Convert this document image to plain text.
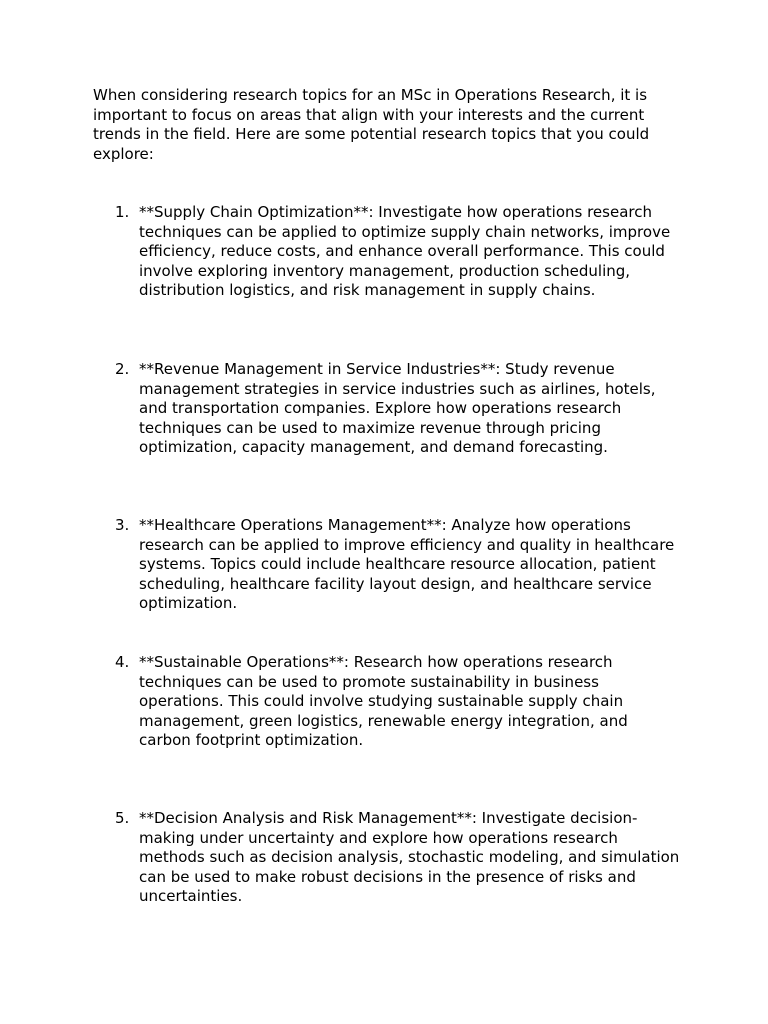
When considering research topics for an MSc in Operations Research, it is important to focus on areas that align with your interests and the current trends in the field. Here are some potential research topics that you could explore:

1. **Supply Chain Optimization**: Investigate how operations research techniques can be applied to optimize supply chain networks, improve efficiency, reduce costs, and enhance overall performance. This could involve exploring inventory management, production scheduling, distribution logistics, and risk management in supply chains.

2. **Revenue Management in Service Industries**: Study revenue management strategies in service industries such as airlines, hotels, and transportation companies. Explore how operations research techniques can be used to maximize revenue through pricing optimization, capacity management, and demand forecasting.

3. **Healthcare Operations Management**: Analyze how operations research can be applied to improve efficiency and quality in healthcare systems. Topics could include healthcare resource allocation, patient scheduling, healthcare facility layout design, and healthcare service optimization.

4. **Sustainable Operations**: Research how operations research techniques can be used to promote sustainability in business operations. This could involve studying sustainable supply chain management, green logistics, renewable energy integration, and carbon footprint optimization.

5. **Decision Analysis and Risk Management**: Investigate decision-making under uncertainty and explore how operations research methods such as decision analysis, stochastic modeling, and simulation can be used to make robust decisions in the presence of risks and uncertainties.
